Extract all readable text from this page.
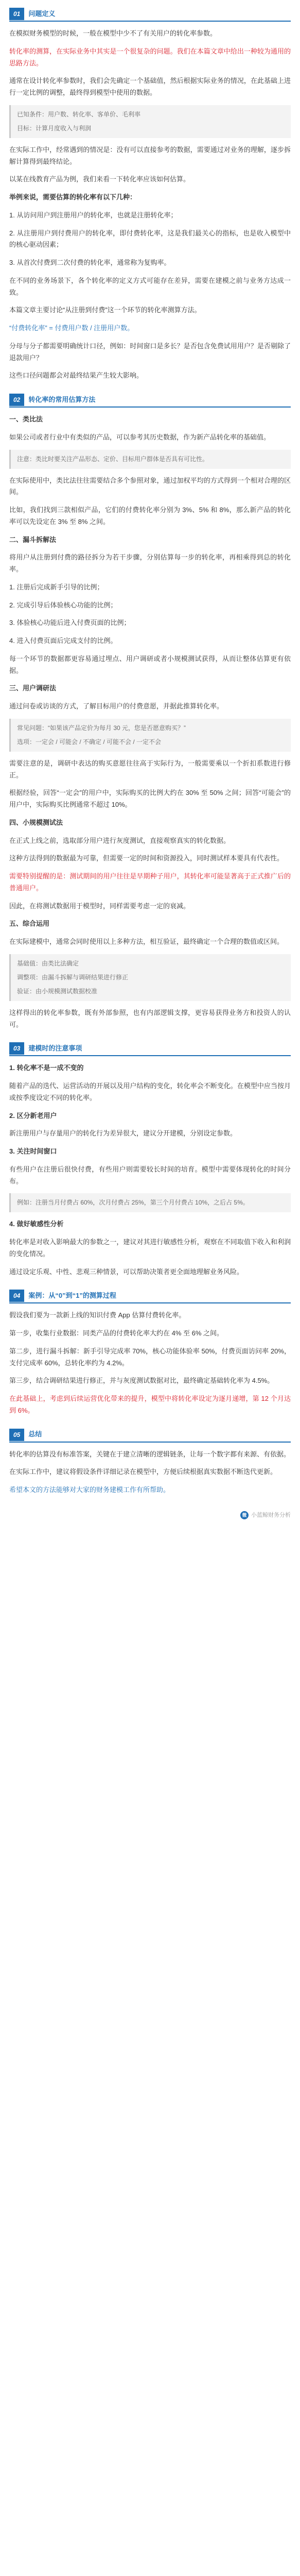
01	问题定义

在模拟财务模型的时候，一般在模型中少不了有关用户的转化率参数。

转化率的测算，在实际业务中其实是一个很复杂的问题。我们在本篇文章中给出一种较为通用的思路方法。

通常在设计转化率参数时，我们会先确定一个基础值，然后根据实际业务的情况，在此基础上进行一定比例的调整，最终得到模型中使用的数据。

已知条件：用户数、转化率、客单价、毛利率

目标：计算月度收入与利润

在实际工作中，经常遇到的情况是：没有可以直接参考的数据，需要通过对业务的理解，逐步拆解计算得到最终结论。

以某在线教育产品为例，我们来看一下转化率应该如何估算。

举例来说，需要估算的转化率有以下几种：

1. 从访问用户到注册用户的转化率，也就是注册转化率；

2. 从注册用户到付费用户的转化率，即付费转化率，这是我们最关心的指标，也是收入模型中的核心驱动因素；

3. 从首次付费到二次付费的转化率，通常称为复购率。

在不同的业务场景下，各个转化率的定义方式可能存在差异，需要在建模之前与业务方达成一致。

本篇文章主要讨论“从注册到付费”这一个环节的转化率测算方法。

“付费转化率” = 付费用户数 / 注册用户数。

分母与分子都需要明确统计口径，例如：时间窗口是多长？是否包含免费试用用户？是否剔除了退款用户？

这些口径问题都会对最终结果产生较大影响。

02	转化率的常用估算方法

一、类比法

如果公司或者行业中有类似的产品，可以参考其历史数据，作为新产品转化率的基础值。

注意：类比时要关注产品形态、定价、目标用户群体是否具有可比性。

在实际使用中，类比法往往需要结合多个参照对象，通过加权平均的方式得到一个相对合理的区间。

比如，我们找到三款相似产品，它们的付费转化率分别为 3%、5% 和 8%，那么新产品的转化率可以先设定在 3% 至 8% 之间。

二、漏斗拆解法

将用户从注册到付费的路径拆分为若干步骤，分别估算每一步的转化率，再相乘得到总的转化率。

1. 注册后完成新手引导的比例；

2. 完成引导后体验核心功能的比例；

3. 体验核心功能后进入付费页面的比例；

4. 进入付费页面后完成支付的比例。

每一个环节的数据都更容易通过埋点、用户调研或者小规模测试获得，从而让整体估算更有依据。

三、用户调研法

通过问卷或访谈的方式，了解目标用户的付费意愿，并据此推算转化率。

常见问题：“如果该产品定价为每月 30 元，您是否愿意购买？”

选项：一定会 / 可能会 / 不确定 / 可能不会 / 一定不会

需要注意的是，调研中表达的购买意愿往往高于实际行为，一般需要乘以一个折扣系数进行修正。

根据经验，回答“一定会”的用户中，实际购买的比例大约在 30% 至 50% 之间；回答“可能会”的用户中，实际购买比例通常不超过 10%。

四、小规模测试法

在正式上线之前，选取部分用户进行灰度测试，直接观察真实的转化数据。

这种方法得到的数据最为可靠，但需要一定的时间和资源投入，同时测试样本要具有代表性。

需要特别提醒的是：测试期间的用户往往是早期种子用户，其转化率可能显著高于正式推广后的普通用户。

因此，在将测试数据用于模型时，同样需要考虑一定的衰减。

五、综合运用

在实际建模中，通常会同时使用以上多种方法，相互验证，最终确定一个合理的数值或区间。

基础值：由类比法确定

调整项：由漏斗拆解与调研结果进行修正

验证：由小规模测试数据校准

这样得出的转化率参数，既有外部参照，也有内部逻辑支撑，更容易获得业务方和投资人的认可。

03	建模时的注意事项

1. 转化率不是一成不变的

随着产品的迭代、运营活动的开展以及用户结构的变化，转化率会不断变化。在模型中应当按月或按季度设定不同的转化率。

2. 区分新老用户

新注册用户与存量用户的转化行为差异很大，建议分开建模，分别设定参数。

3. 关注时间窗口

有些用户在注册后很快付费，有些用户则需要较长时间的培育。模型中需要体现转化的时间分布。

例如：注册当月付费占 60%，次月付费占 25%，第三个月付费占 10%，之后占 5%。

4. 做好敏感性分析

转化率是对收入影响最大的参数之一，建议对其进行敏感性分析，观察在不同取值下收入和利润的变化情况。

通过设定乐观、中性、悲观三种情景，可以帮助决策者更全面地理解业务风险。

04	案例：从“0”到“1”的测算过程

假设我们要为一款新上线的知识付费 App 估算付费转化率。

第一步，收集行业数据：同类产品的付费转化率大约在 4% 至 6% 之间。

第二步，进行漏斗拆解：新手引导完成率 70%，核心功能体验率 50%，付费页面访问率 20%，支付完成率 60%，总转化率约为 4.2%。

第三步，结合调研结果进行修正，并与灰度测试数据对比，最终确定基础转化率为 4.5%。

在此基础上，考虑到后续运营优化带来的提升，模型中将转化率设定为逐月递增，第 12 个月达到 6%。

05	总结

转化率的估算没有标准答案，关键在于建立清晰的逻辑链条，让每一个数字都有来源、有依据。

在实际工作中，建议将假设条件详细记录在模型中，方便后续根据真实数据不断迭代更新。

希望本文的方法能够对大家的财务建模工作有所帮助。

微 小蓝鲸财务分析
